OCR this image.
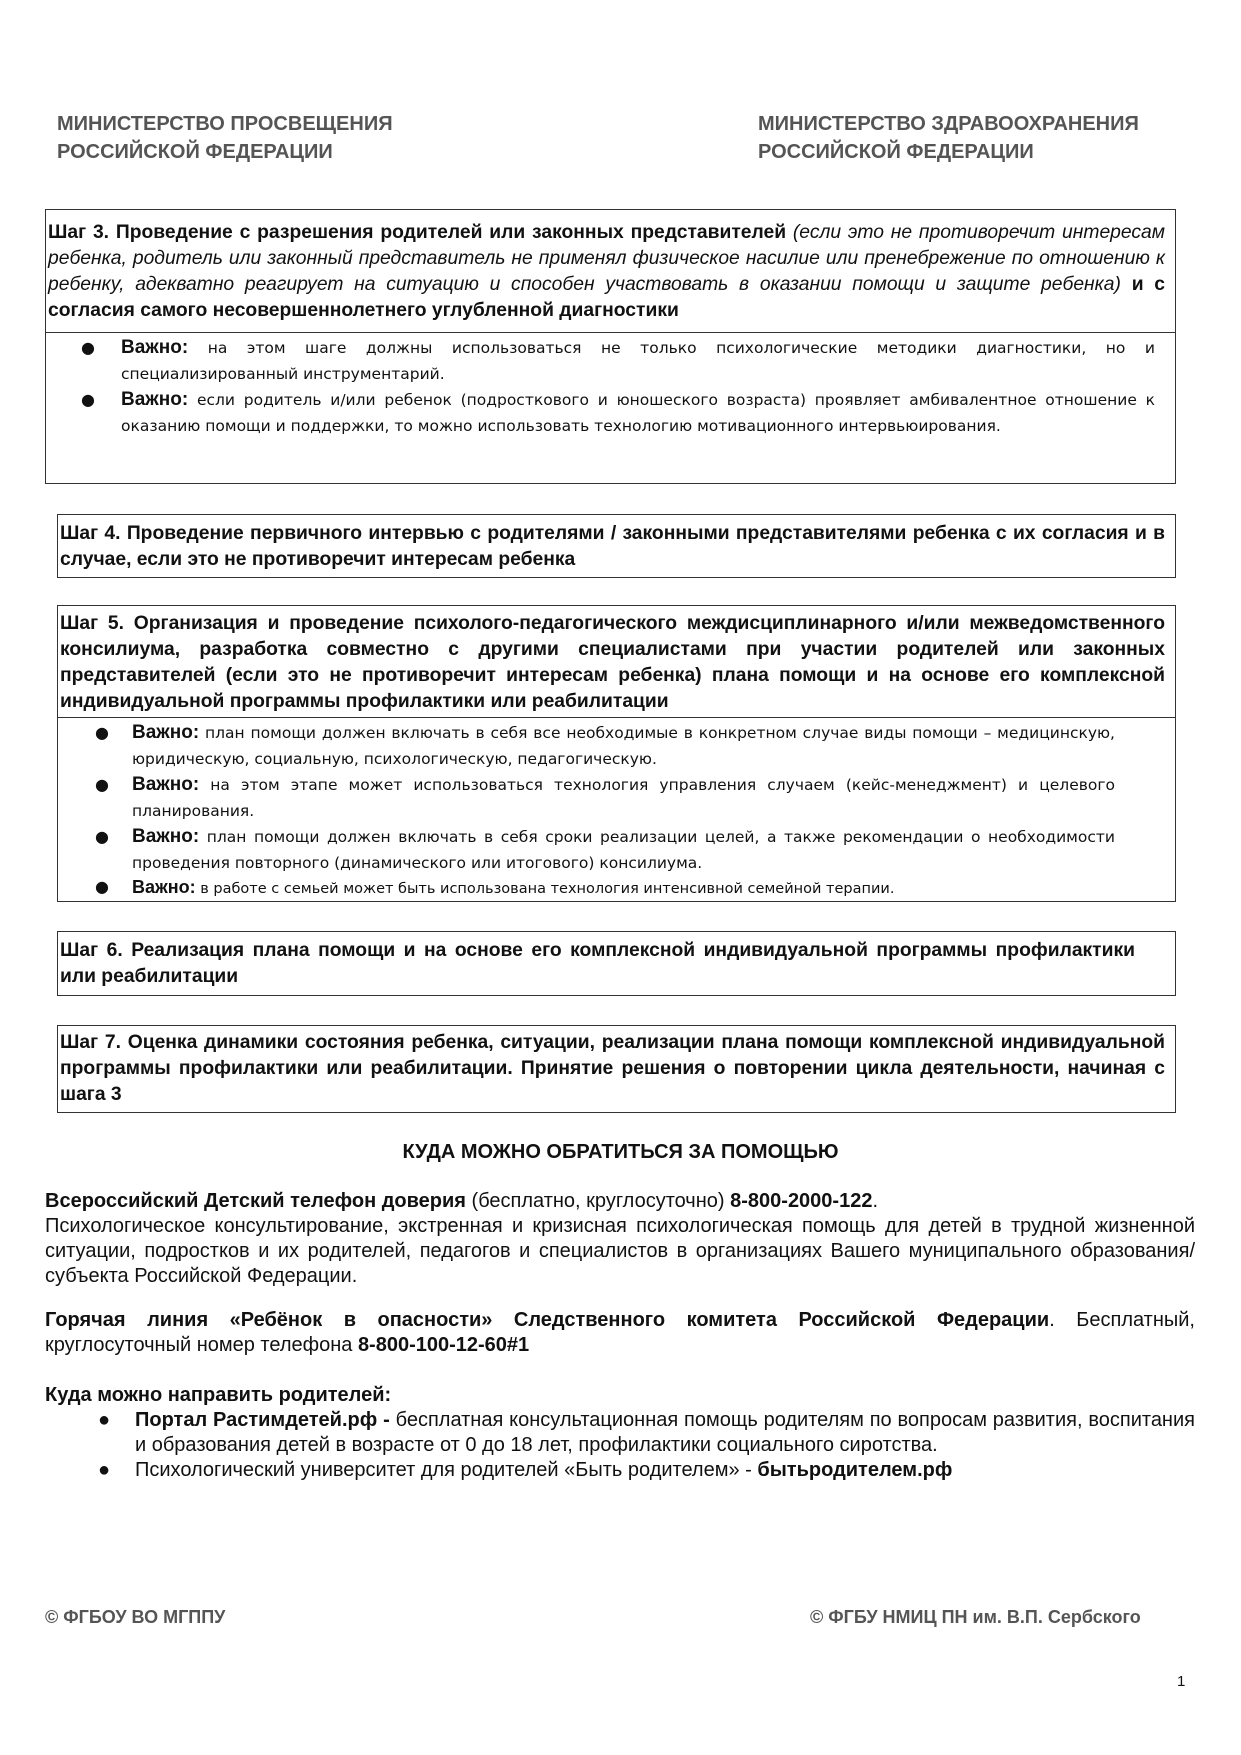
МИНИСТЕРСТВО ПРОСВЕЩЕНИЯ
РОССИЙСКОЙ ФЕДЕРАЦИИ
МИНИСТЕРСТВО ЗДРАВООХРАНЕНИЯ
РОССИЙСКОЙ ФЕДЕРАЦИИ
Шаг 3. Проведение с разрешения родителей или законных представителей (если это не противоречит интересам ребенка, родитель или законный представитель не применял физическое насилие или пренебрежение по отношению к ребенку, адекватно реагирует на ситуацию и способен участвовать в оказании помощи и защите ребенка) и с согласия самого несовершеннолетнего углубленной диагностики
● Важно: на этом шаге должны использоваться не только психологические методики диагностики, но и специализированный инструментарий.
● Важно: если родитель и/или ребенок (подросткового и юношеского возраста) проявляет амбивалентное отношение к оказанию помощи и поддержки, то можно использовать технологию мотивационного интервьюирования.
Шаг 4. Проведение первичного интервью с родителями / законными представителями ребенка с их согласия и в случае, если это не противоречит интересам ребенка
Шаг 5. Организация и проведение психолого-педагогического междисциплинарного и/или межведомственного консилиума, разработка совместно с другими специалистами при участии родителей или законных представителей (если это не противоречит интересам ребенка) плана помощи и на основе его комплексной индивидуальной программы профилактики или реабилитации
● Важно: план помощи должен включать в себя все необходимые в конкретном случае виды помощи – медицинскую, юридическую, социальную, психологическую, педагогическую.
● Важно: на этом этапе может использоваться технология управления случаем (кейс-менеджмент) и целевого планирования.
● Важно: план помощи должен включать в себя сроки реализации целей, а также рекомендации о необходимости проведения повторного (динамического или итогового) консилиума.
● Важно: в работе с семьей может быть использована технология интенсивной семейной терапии.
Шаг 6. Реализация плана помощи и на основе его комплексной индивидуальной программы профилактики или реабилитации
Шаг 7. Оценка динамики состояния ребенка, ситуации, реализации плана помощи комплексной индивидуальной программы профилактики или реабилитации. Принятие решения о повторении цикла деятельности, начиная с шага 3
КУДА МОЖНО ОБРАТИТЬСЯ ЗА ПОМОЩЬЮ
Всероссийский Детский телефон доверия (бесплатно, круглосуточно) 8-800-2000-122.
Психологическое консультирование, экстренная и кризисная психологическая помощь для детей в трудной жизненной ситуации, подростков и их родителей, педагогов и специалистов в организациях Вашего муниципального образования/субъекта Российской Федерации.
Горячая линия «Ребёнок в опасности» Следственного комитета Российской Федерации. Бесплатный, круглосуточный номер телефона 8-800-100-12-60#1
Куда можно направить родителей:
● Портал Растимдетей.рф - бесплатная консультационная помощь родителям по вопросам развития, воспитания и образования детей в возрасте от 0 до 18 лет, профилактики социального сиротства.
● Психологический университет для родителей «Быть родителем» - бытьродителем.рф
© ФГБОУ ВО МГППУ	© ФГБУ НМИЦ ПН им. В.П. Сербского
1
